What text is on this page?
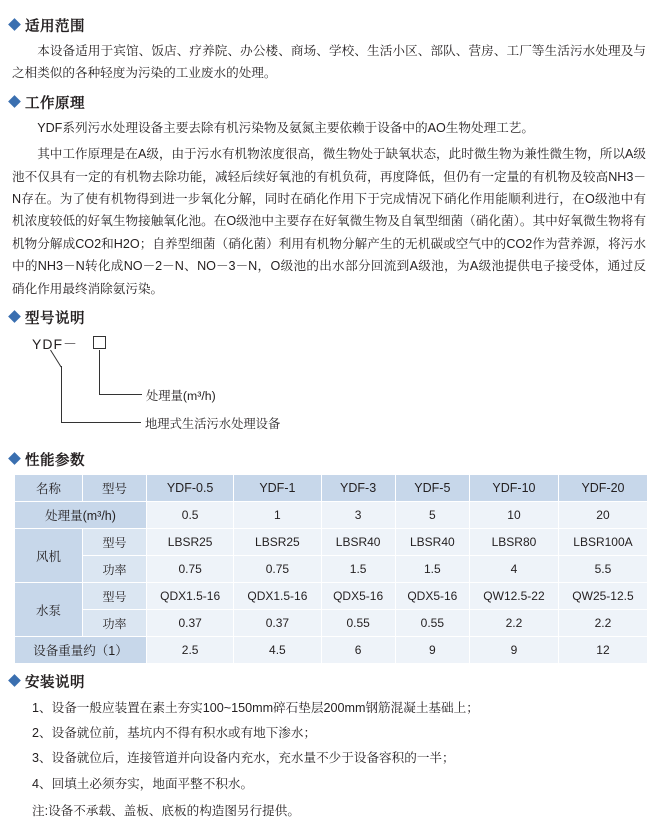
适用范围

本设备适用于宾馆、饭店、疗养院、办公楼、商场、学校、生活小区、部队、营房、工厂等生活污水处理及与之相类似的各种轻度为污染的工业废水的处理。

工作原理

YDF系列污水处理设备主要去除有机污染物及氨氮主要依赖于设备中的AO生物处理工艺。

其中工作原理是在A级，由于污水有机物浓度很高，微生物处于缺氧状态，此时微生物为兼性微生物，所以A级池不仅具有一定的有机物去除功能，减轻后续好氧池的有机负荷，再度降低，但仍有一定量的有机物及较高NH3－N存在。为了使有机物得到进一步氧化分解，同时在硝化作用下于完成情况下硝化作用能顺利进行，在O级池中有机浓度较低的好氧生物接触氧化池。在O级池中主要存在好氧微生物及自氧型细菌（硝化菌）。其中好氧微生物将有机物分解成CO2和H2O；自养型细菌（硝化菌）利用有机物分解产生的无机碳或空气中的CO2作为营养源，将污水中的NH3－N转化成NO－2－N、NO－3－N，O级池的出水部分回流到A级池，为A级池提供电子接受体，通过反硝化作用最终消除氨污染。

型号说明
YDF－
处理量(m³/h)
地理式生活污水处理设备
性能参数
名称	型号	YDF-0.5	YDF-1	YDF-3	YDF-5	YDF-10	YDF-20
处理量(m³/h)		0.5	1	3	5	10	20
风机	型号	LBSR25	LBSR25	LBSR40	LBSR40	LBSR80	LBSR100A
	功率	0.75	0.75	1.5	1.5	4	5.5
水泵	型号	QDX1.5-16	QDX1.5-16	QDX5-16	QDX5-16	QW12.5-22	QW25-12.5
	功率	0.37	0.37	0.55	0.55	2.2	2.2
设备重量约（1）		2.5	4.5	6	9	9	12
安装说明
1、设备一般应装置在素土夯实100~150mm碎石垫层200mm钢筋混凝土基础上；
2、设备就位前，基坑内不得有积水或有地下渗水；
3、设备就位后，连接管道并向设备内充水，充水量不少于设备容积的一半；
4、回填土必须夯实，地面平整不积水。
注:设备不承载、盖板、底板的构造图另行提供。
